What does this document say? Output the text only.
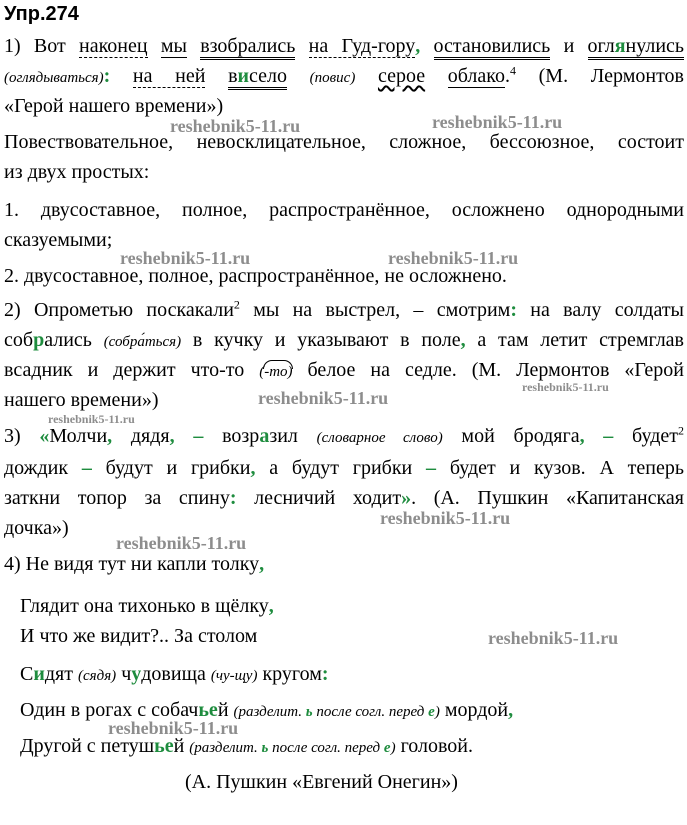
Упр.274
1) Вот наконец мы взобрались на Гуд-гору, остановились и оглянулись
(оглядываться): на ней висело (повис) серое облако.$^4$ (М. Лермонтов
«Герой нашего времени»)
Повествовательное, невосклицательное, сложное, бессоюзное, состоит
из двух простых:
1. двусоставное, полное, распространённое, осложнено однородными
сказуемыми;
2. двусоставное, полное, распространённое, не осложнено.
2) Опрометью поскакали$^2$ мы на выстрел, – смотрим: на валу солдаты
собрались (собра́ться) в кучку и указывают в поле, а там летит стремглав
всадник и держит что-то
(-то) белое на седле. (М. Лермонтов «Герой
нашего времени»)
3) «Молчи, дядя, – возразил (словарное слово) мой бродяга, – будет$^2$
дождик – будут и грибки, а будут грибки – будет и кузов. А теперь
заткни топор за спину: лесничий ходит». (А. Пушкин «Капитанская
дочка»)
4) Не видя тут ни капли толку,
Глядит она тихонько в щёлку,
И что же видит?.. За столом
Сидят (сядя) чудовища (чу-щу) кругом:
Один в рогах с собачьей (разделит. ь после согл. перед е) мордой,
Другой с петушьей (разделит. ь после согл. перед е) головой.
(А. Пушкин «Евгений Онегин»)
reshebnik5-11.ru	reshebnik5-11.ru
reshebnik5-11.ru	reshebnik5-11.ru
reshebnik5-11.ru
reshebnik5-11.ru
reshebnik5-11.ru
reshebnik5-11.ru
reshebnik5-11.ru
reshebnik5-11.ru
reshebnik5-11.ru
